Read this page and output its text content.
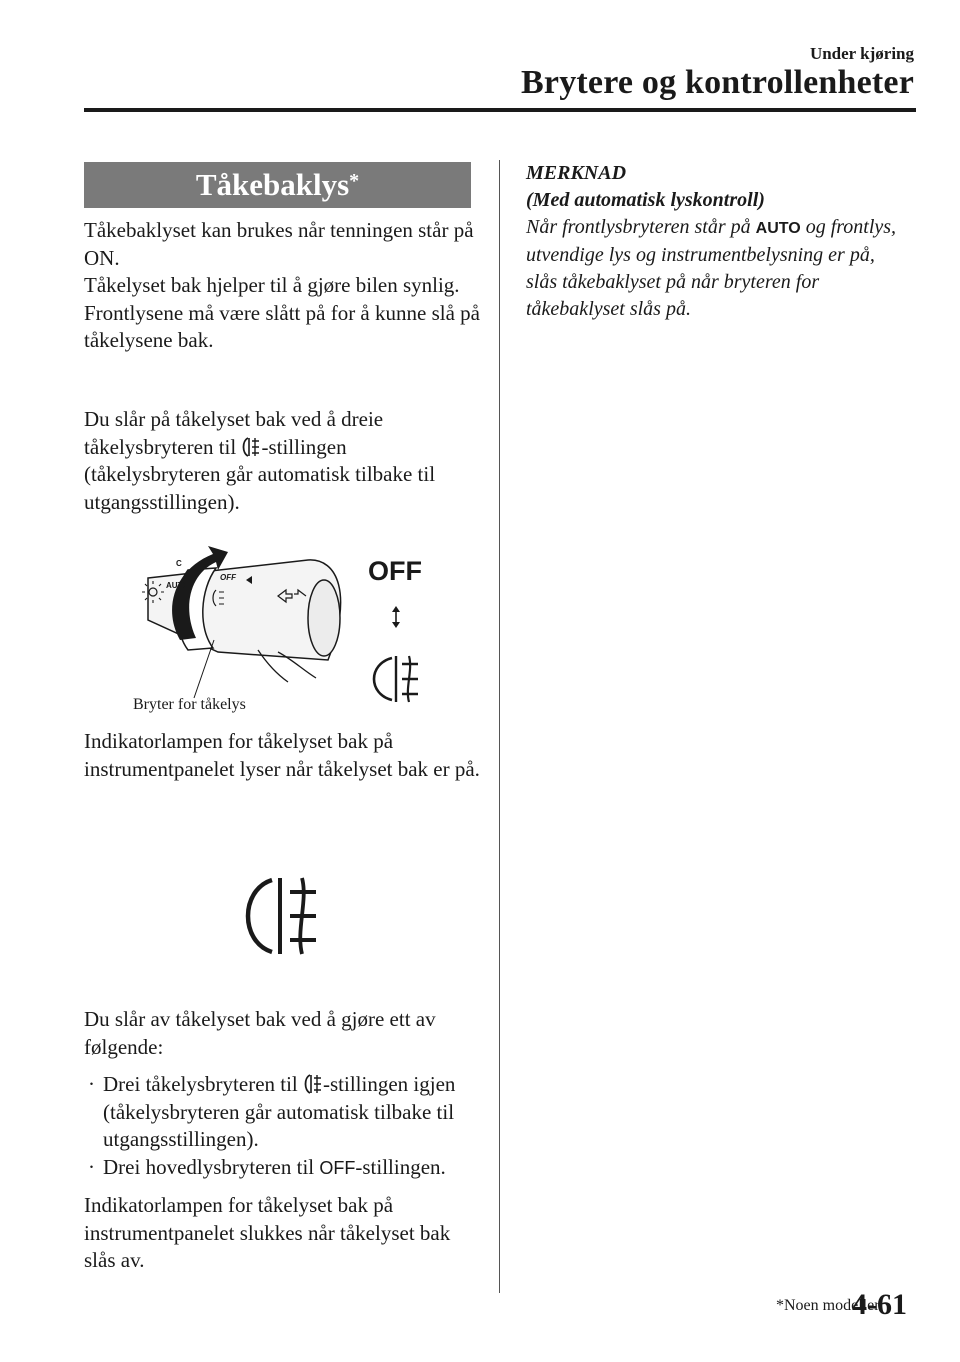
Under kjøring
Brytere og kontrollenheter
Tåkebaklys*

Tåkebaklyset kan brukes når tenningen står på ON.

Tåkelyset bak hjelper til å gjøre bilen synlig.

Frontlysene må være slått på for å kunne slå på tåkelysene bak.

Du slår på tåkelyset bak ved å dreie tåkelysbryteren til -stillingen (tåkelysbryteren går automatisk tilbake til utgangsstillingen).

AUTO
C
OFF	OFF
Bryter for tåkelys

Indikatorlampen for tåkelyset bak på instrumentpanelet lyser når tåkelyset bak er på.

Du slår av tåkelyset bak ved å gjøre ett av følgende:

· Drei tåkelysbryteren til -stillingen igjen (tåkelysbryteren går automatisk tilbake til utgangsstillingen).
· Drei hovedlysbryteren til OFF-stillingen.

Indikatorlampen for tåkelyset bak på instrumentpanelet slukkes når tåkelyset bak slås av.

MERKNAD
(Med automatisk lyskontroll)
Når frontlysbryteren står på AUTO og frontlys, utvendige lys og instrumentbelysning er på, slås tåkebaklyset på når bryteren for tåkebaklyset slås på.
*Noen modeller.
4-61
